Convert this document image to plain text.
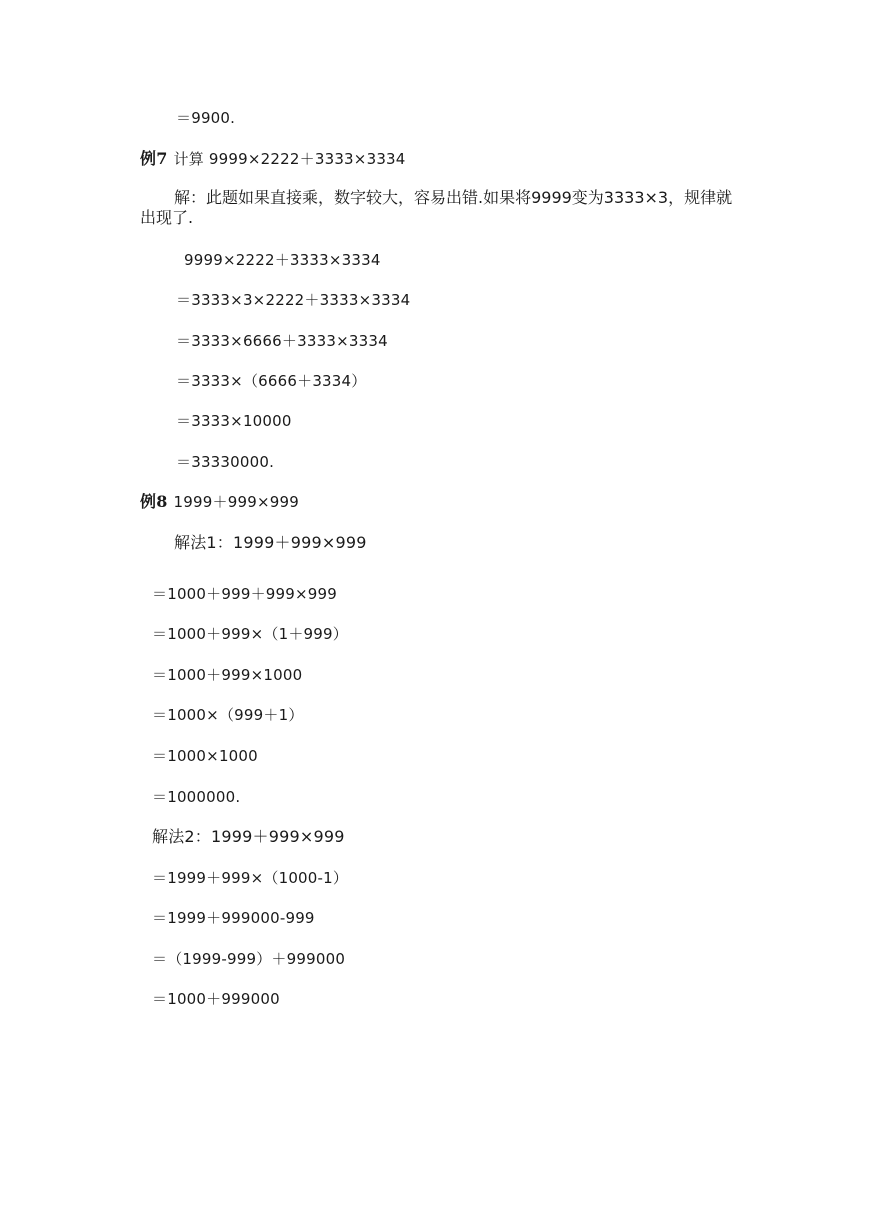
＝9900.
例7 计算 9999×2222＋3333×3334
解：此题如果直接乘，数字较大，容易出错.如果将9999变为3333×3，规律就出现了.
9999×2222＋3333×3334
＝3333×3×2222＋3333×3334
＝3333×6666＋3333×3334
＝3333×（6666＋3334）
＝3333×10000
＝33330000.
例8 1999＋999×999
解法1：1999＋999×999
＝1000＋999＋999×999
＝1000＋999×（1＋999）
＝1000＋999×1000
＝1000×（999＋1）
＝1000×1000
＝1000000.
解法2：1999＋999×999
＝1999＋999×（1000-1）
＝1999＋999000-999
＝（1999-999）＋999000
＝1000＋999000
